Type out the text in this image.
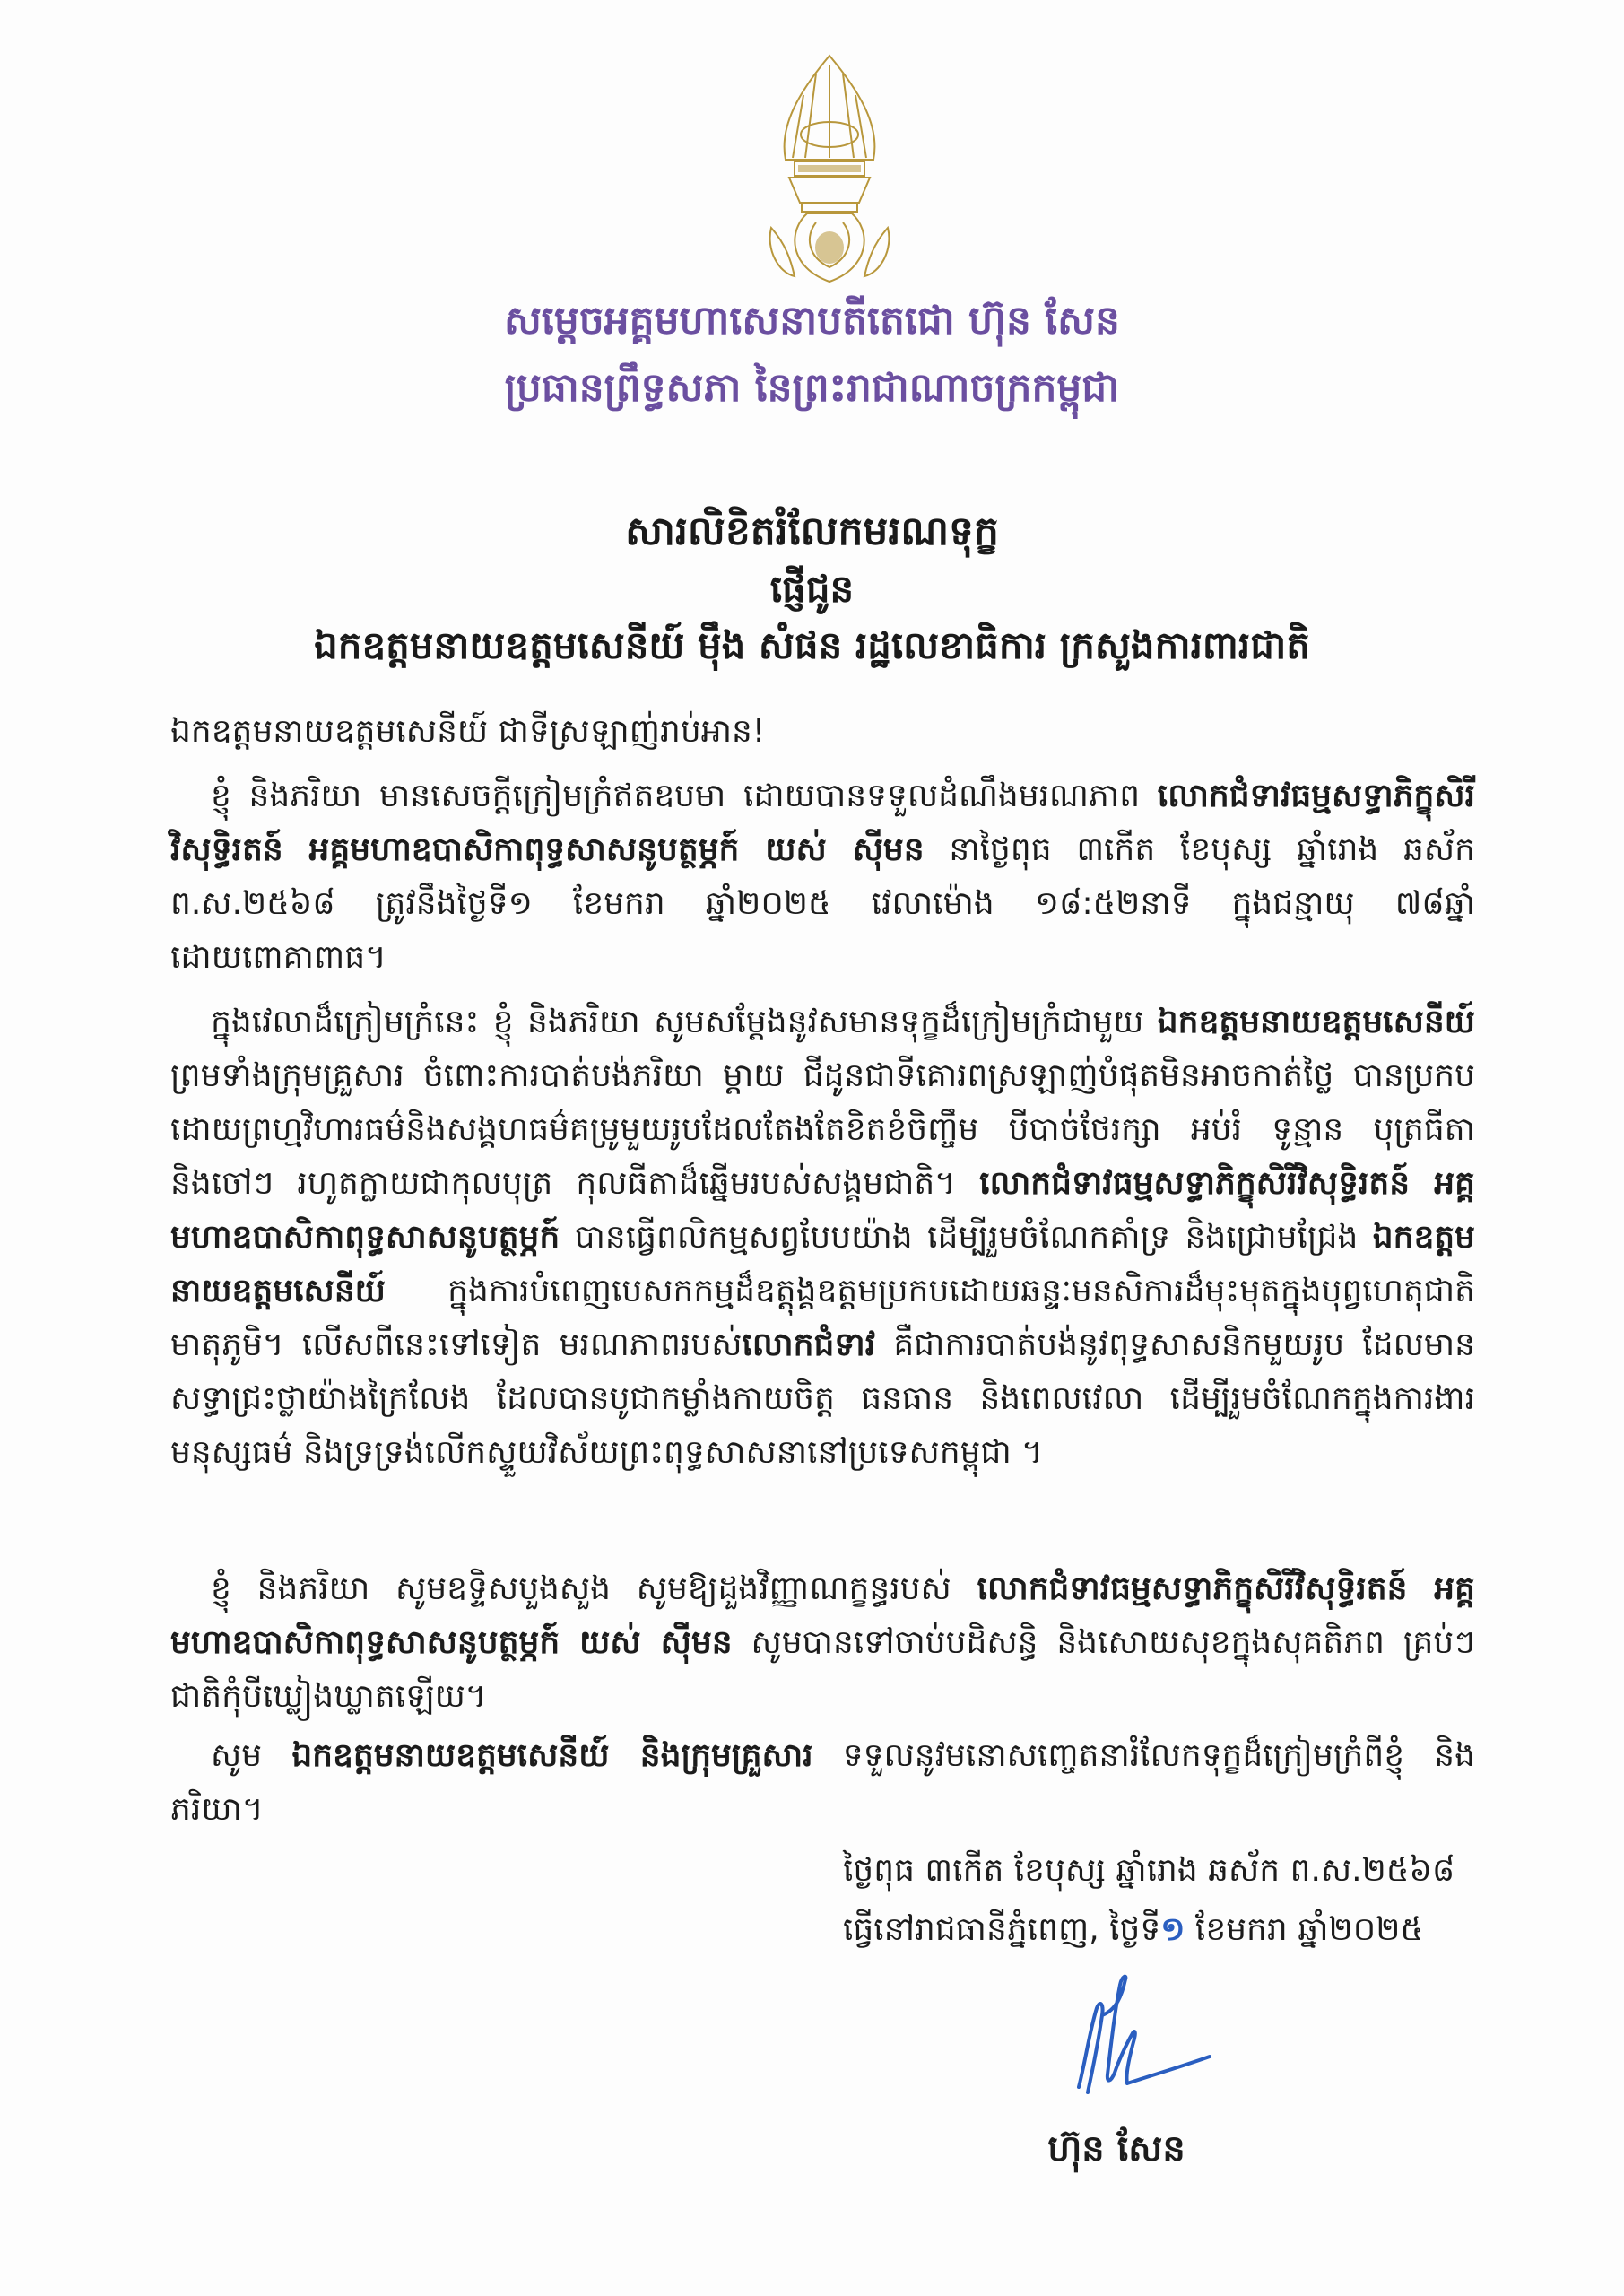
សម្តេចអគ្គមហាសេនាបតីតេជោ ហ៊ុន សែន
ប្រធានព្រឹទ្ធសភា នៃព្រះរាជាណាចក្រកម្ពុជា
សារលិខិតរំលែកមរណទុក្ខ
ផ្ញើជូន
ឯកឧត្តមនាយឧត្តមសេនីយ៍ ម៉ឹង សំផន រដ្ឋលេខាធិការ ក្រសួងការពារជាតិ
ឯកឧត្តមនាយឧត្តមសេនីយ៍ ជាទីស្រឡាញ់រាប់អាន!
ខ្ញុំ និងភរិយា មានសេចក្តីក្រៀមក្រំឥតឧបមា ដោយបានទទួលដំណឹងមរណភាព លោកជំទាវធម្មសទ្ធាភិក្ខុសិរីវិសុទ្ធិរតន៍ អគ្គមហាឧបាសិកាពុទ្ធសាសនូបត្ថម្ភក៍ យស់ ស៊ីមន នាថ្ងៃពុធ ៣កើត ខែបុស្ស ឆ្នាំរោង ឆស័ក ព.ស.២៥៦៨ ត្រូវនឹងថ្ងៃទី១ ខែមករា ឆ្នាំ២០២៥ វេលាម៉ោង ១៨:៥២នាទី ក្នុងជន្មាយុ ៧៨ឆ្នាំ ដោយពោគាពាធ។
ក្នុងវេលាដ៏ក្រៀមក្រំនេះ ខ្ញុំ និងភរិយា សូមសម្តែងនូវសមានទុក្ខដ៏ក្រៀមក្រំជាមួយ ឯកឧត្តមនាយឧត្តមសេនីយ៍ ព្រមទាំងក្រុមគ្រួសារ ចំពោះការបាត់បង់ភរិយា ម្តាយ ជីដូនជាទីគោរពស្រឡាញ់បំផុតមិនអាចកាត់ថ្លៃ បានប្រកបដោយព្រហ្មវិហារធម៌និងសង្គហធម៌គម្រូមួយរូបដែលតែងតែខិតខំចិញ្ចឹម បីបាច់ថែរក្សា អប់រំ ទូន្មាន បុត្រធីតា និងចៅៗ រហូតក្លាយជាកុលបុត្រ កុលធីតាដ៏ឆ្នើមរបស់សង្គមជាតិ។ លោកជំទាវធម្មសទ្ធាភិក្ខុសិរីវិសុទ្ធិរតន៍ អគ្គមហាឧបាសិកាពុទ្ធសាសនូបត្ថម្ភក៍ បានធ្វើពលិកម្មសព្វបែបយ៉ាង ដើម្បីរួមចំណែកគាំទ្រ និងជ្រោមជ្រែង ឯកឧត្តមនាយឧត្តមសេនីយ៍ ក្នុងការបំពេញបេសកកម្មដ៏ឧត្តុង្គឧត្តមប្រកបដោយឆន្ទៈមនសិការដ៏មុះមុតក្នុងបុព្វហេតុជាតិមាតុភូមិ។ លើសពីនេះទៅទៀត មរណភាពរបស់លោកជំទាវ គឺជាការបាត់បង់នូវពុទ្ធសាសនិកមួយរូប ដែលមានសទ្ធាជ្រះថ្លាយ៉ាងក្រៃលែង ដែលបានបូជាកម្លាំងកាយចិត្ត ធនធាន និងពេលវេលា ដើម្បីរួមចំណែកក្នុងការងារមនុស្សធម៌ និងទ្រទ្រង់លើកស្ទួយវិស័យព្រះពុទ្ធសាសនានៅប្រទេសកម្ពុជា ។
ខ្ញុំ និងភរិយា សូមឧទ្ទិសបួងសួង សូមឱ្យដួងវិញ្ញាណក្ខន្ធរបស់ លោកជំទាវធម្មសទ្ធាភិក្ខុសិរីវិសុទ្ធិរតន៍ អគ្គមហាឧបាសិកាពុទ្ធសាសនូបត្ថម្ភក៍ យស់ ស៊ីមន សូមបានទៅចាប់បដិសន្ធិ និងសោយសុខក្នុងសុគតិភព គ្រប់ៗជាតិកុំបីឃ្លៀងឃ្លាតឡើយ។
សូម ឯកឧត្តមនាយឧត្តមសេនីយ៍ និងក្រុមគ្រួសារ ទទួលនូវមនោសញ្ចេតនារំលែកទុក្ខដ៏ក្រៀមក្រំពីខ្ញុំ និងភរិយា។
ថ្ងៃពុធ ៣កើត ខែបុស្ស ឆ្នាំរោង ឆស័ក ព.ស.២៥៦៨
ធ្វើនៅរាជធានីភ្នំពេញ, ថ្ងៃទី១ ខែមករា ឆ្នាំ២០២៥
ហ៊ុន សែន
